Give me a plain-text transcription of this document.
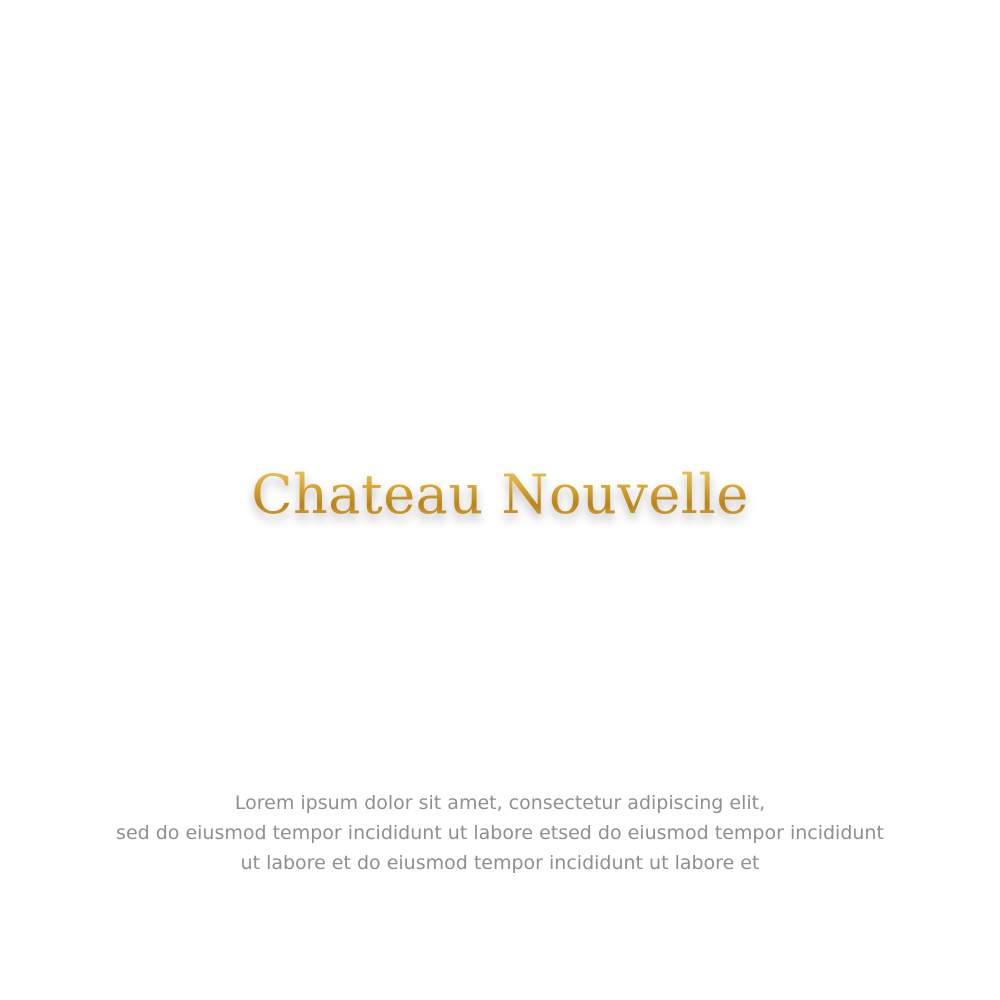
Chateau Nouvelle
Lorem ipsum dolor sit amet, consectetur adipiscing elit,
sed do eiusmod tempor incididunt ut labore etsed do eiusmod tempor incididunt
ut labore et do eiusmod tempor incididunt ut labore et
